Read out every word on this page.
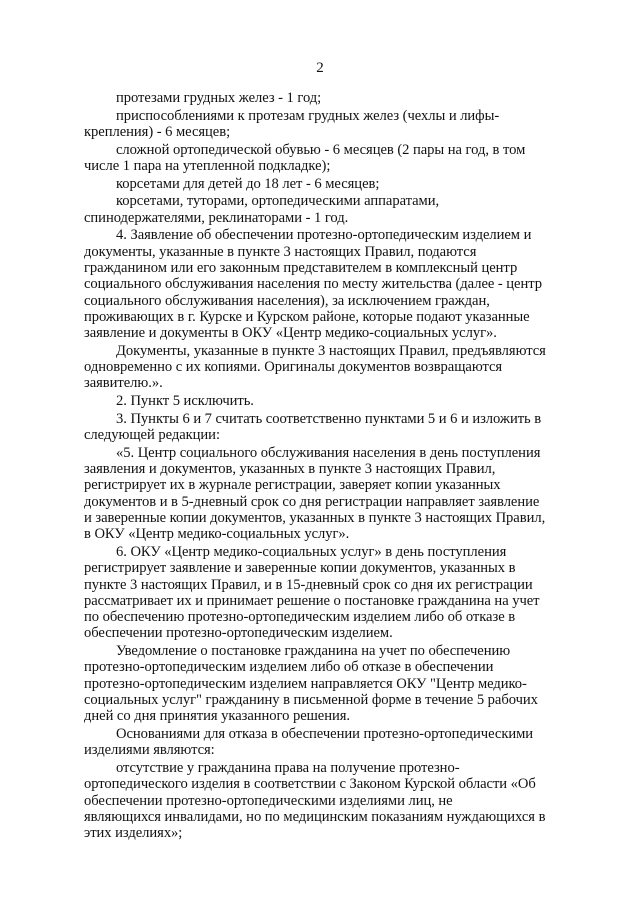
2

протезами грудных желез - 1 год;

приспособлениями к протезам грудных желез (чехлы и лифы-
крепления) - 6 месяцев;

сложной ортопедической обувью - 6 месяцев (2 пары на год, в том
числе 1 пара на утепленной подкладке);

корсетами для детей до 18 лет - 6 месяцев;

корсетами, туторами, ортопедическими аппаратами,
спинодержателями, реклинаторами - 1 год.

4. Заявление об обеспечении протезно-ортопедическим изделием и
документы, указанные в пункте 3 настоящих Правил, подаются
гражданином или его законным представителем в комплексный центр
социального обслуживания населения по месту жительства (далее - центр
социального обслуживания населения), за исключением граждан,
проживающих в г. Курске и Курском районе, которые подают указанные
заявление и документы в ОКУ «Центр медико-социальных услуг».

Документы, указанные в пункте 3 настоящих Правил, предъявляются
одновременно с их копиями. Оригиналы документов возвращаются
заявителю.».

2. Пункт 5 исключить.

3. Пункты 6 и 7 считать соответственно пунктами 5 и 6 и изложить в
следующей редакции:

«5. Центр социального обслуживания населения в день поступления
заявления и документов, указанных в пункте 3 настоящих Правил,
регистрирует их в журнале регистрации, заверяет копии указанных
документов и в 5-дневный срок со дня регистрации направляет заявление
и заверенные копии документов, указанных в пункте 3 настоящих Правил,
в ОКУ «Центр медико-социальных услуг».

6. ОКУ «Центр медико-социальных услуг» в день поступления
регистрирует заявление и заверенные копии документов, указанных в
пункте 3 настоящих Правил, и в 15-дневный срок со дня их регистрации
рассматривает их и принимает решение о постановке гражданина на учет
по обеспечению протезно-ортопедическим изделием либо об отказе в
обеспечении протезно-ортопедическим изделием.

Уведомление о постановке гражданина на учет по обеспечению
протезно-ортопедическим изделием либо об отказе в обеспечении
протезно-ортопедическим изделием направляется ОКУ "Центр медико-
социальных услуг" гражданину в письменной форме в течение 5 рабочих
дней со дня принятия указанного решения.

Основаниями для отказа в обеспечении протезно-ортопедическими
изделиями являются:

отсутствие у гражданина права на получение протезно-
ортопедического изделия в соответствии с Законом Курской области «Об
обеспечении протезно-ортопедическими изделиями лиц, не
являющихся инвалидами, но по медицинским показаниям нуждающихся в
этих изделиях»;
